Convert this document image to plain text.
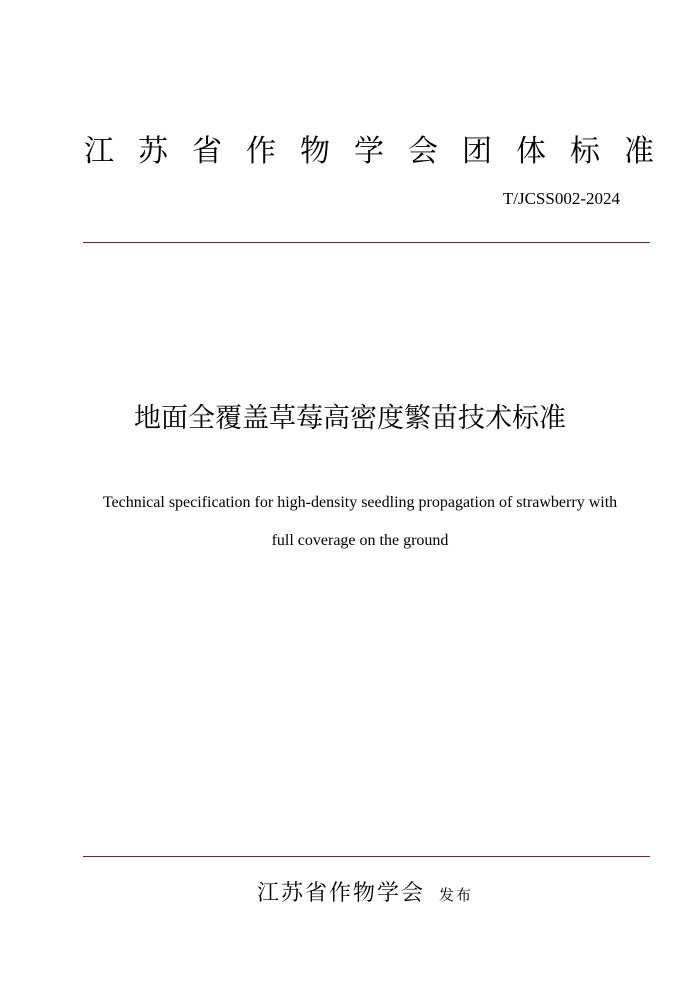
江 苏 省 作 物 学 会 团 体 标 准
T/JCSS002-2024
地面全覆盖草莓高密度繁苗技术标准
Technical specification for high-density seedling propagation of strawberry with
full coverage on the ground
江苏省作物学会 发布
